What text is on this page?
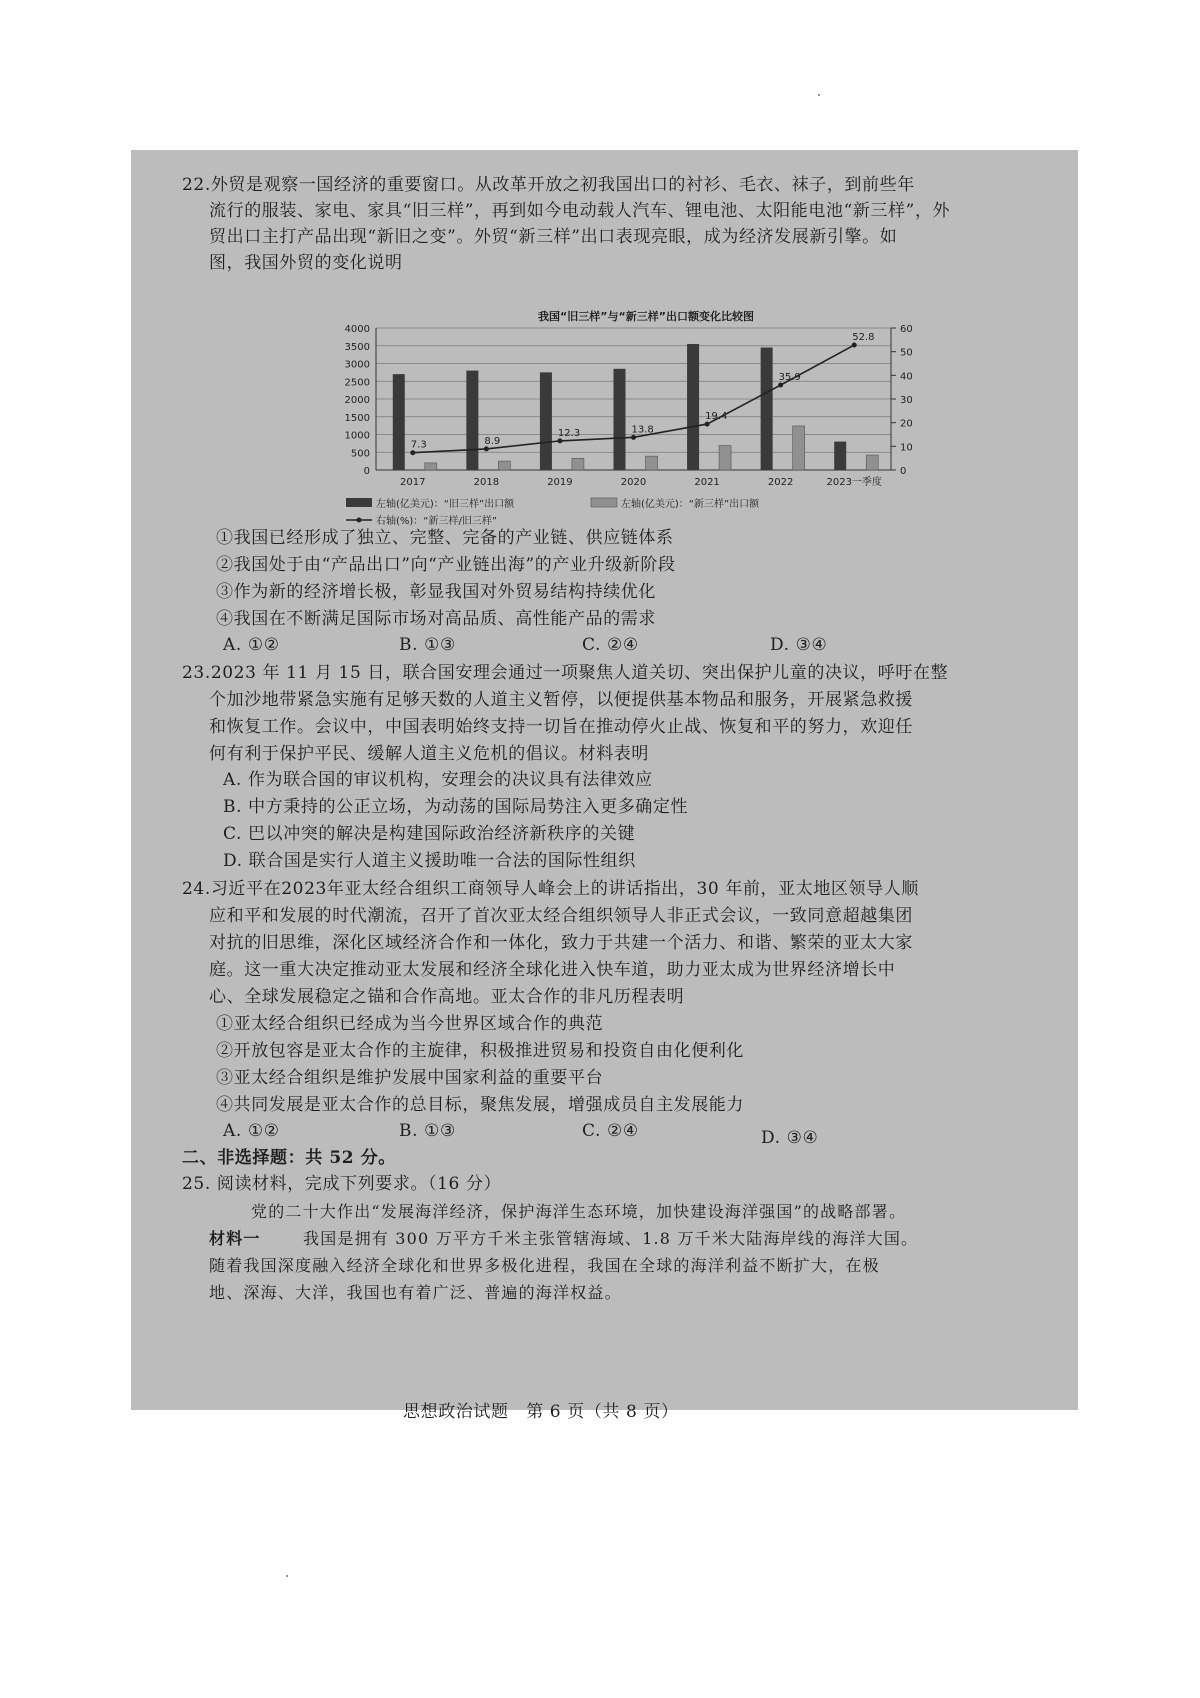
22.外贸是观察一国经济的重要窗口。从改革开放之初我国出口的衬衫、毛衣、袜子，到前些年
流行的服装、家电、家具“旧三样”，再到如今电动载人汽车、锂电池、太阳能电池“新三样”，外
贸出口主打产品出现“新旧之变”。外贸“新三样”出口表现亮眼，成为经济发展新引擎。如
图，我国外贸的变化说明
我国“旧三样”与“新三样”出口额变化比较图
0
500
1000
1500
2000
2500
3000
3500
4000
0
10
20
30
40
50
60
7.3	8.9
12.3	13.8
19.4
35.9
52.8
2017	2018	2019	2020	2021	2022	2023一季度
左轴(亿美元)：“旧三样”出口额	左轴(亿美元)：“新三样”出口额
右轴(%)：“新三样/旧三样”
①我国已经形成了独立、完整、完备的产业链、供应链体系
②我国处于由“产品出口”向“产业链出海”的产业升级新阶段
③作为新的经济增长极，彰显我国对外贸易结构持续优化
④我国在不断满足国际市场对高品质、高性能产品的需求
A. ①②	B. ①③	C. ②④	D. ③④
23.2023 年 11 月 15 日，联合国安理会通过一项聚焦人道关切、突出保护儿童的决议，呼吁在整
个加沙地带紧急实施有足够天数的人道主义暂停，以便提供基本物品和服务，开展紧急救援
和恢复工作。会议中，中国表明始终支持一切旨在推动停火止战、恢复和平的努力，欢迎任
何有利于保护平民、缓解人道主义危机的倡议。材料表明
A. 作为联合国的审议机构，安理会的决议具有法律效应
B. 中方秉持的公正立场，为动荡的国际局势注入更多确定性
C. 巴以冲突的解决是构建国际政治经济新秩序的关键
D. 联合国是实行人道主义援助唯一合法的国际性组织
24.习近平在2023年亚太经合组织工商领导人峰会上的讲话指出，30 年前，亚太地区领导人顺
应和平和发展的时代潮流，召开了首次亚太经合组织领导人非正式会议，一致同意超越集团
对抗的旧思维，深化区域经济合作和一体化，致力于共建一个活力、和谐、繁荣的亚太大家
庭。这一重大决定推动亚太发展和经济全球化进入快车道，助力亚太成为世界经济增长中
心、全球发展稳定之锚和合作高地。亚太合作的非凡历程表明
①亚太经合组织已经成为当今世界区域合作的典范
②开放包容是亚太合作的主旋律，积极推进贸易和投资自由化便利化
③亚太经合组织是维护发展中国家利益的重要平台
④共同发展是亚太合作的总目标，聚焦发展，增强成员自主发展能力
A. ①②	B. ①③	C. ②④	D. ③④
二、非选择题：共 52 分。
25. 阅读材料，完成下列要求。（16 分）
党的二十大作出“发展海洋经济，保护海洋生态环境，加快建设海洋强国”的战略部署。
材料一	我国是拥有 300 万平方千米主张管辖海域、1.8 万千米大陆海岸线的海洋大国。
随着我国深度融入经济全球化和世界多极化进程，我国在全球的海洋利益不断扩大，在极
地、深海、大洋，我国也有着广泛、普遍的海洋权益。
思想政治试题　第 6 页（共 8 页）
